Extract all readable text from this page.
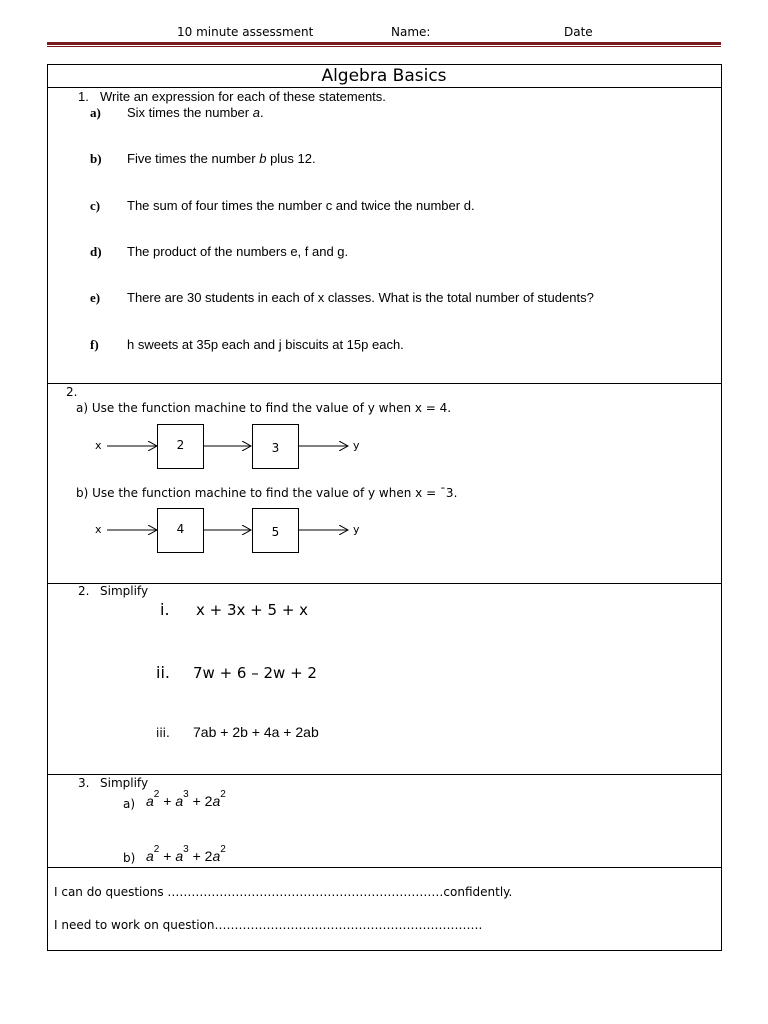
10 minute assessment	Name:	Date
Algebra Basics
1. Write an expression for each of these statements.
a) Six times the number a.
b) Five times the number b plus 12.
c) The sum of four times the number c and twice the number d.
d) The product of the numbers e, f and g.
e) There are 30 students in each of x classes. What is the total number of students?
f) h sweets at 35p each and j biscuits at 15p each.
2.
a) Use the function machine to find the value of y when x = 4.
x	2	3	y
b) Use the function machine to find the value of y when x = ¯3.
x	4	5	y
2. Simplify
i. x + 3x + 5 + x
ii. 7w + 6 – 2w + 2
iii. 7ab + 2b + 4a + 2ab
3. Simplify
a) $a^2 + a^3 + 2a^2$
b) $a^2 + a^3 + 2a^2$
I can do questions ……………………………………………………………confidently.
I need to work on question………………………………………………………….
